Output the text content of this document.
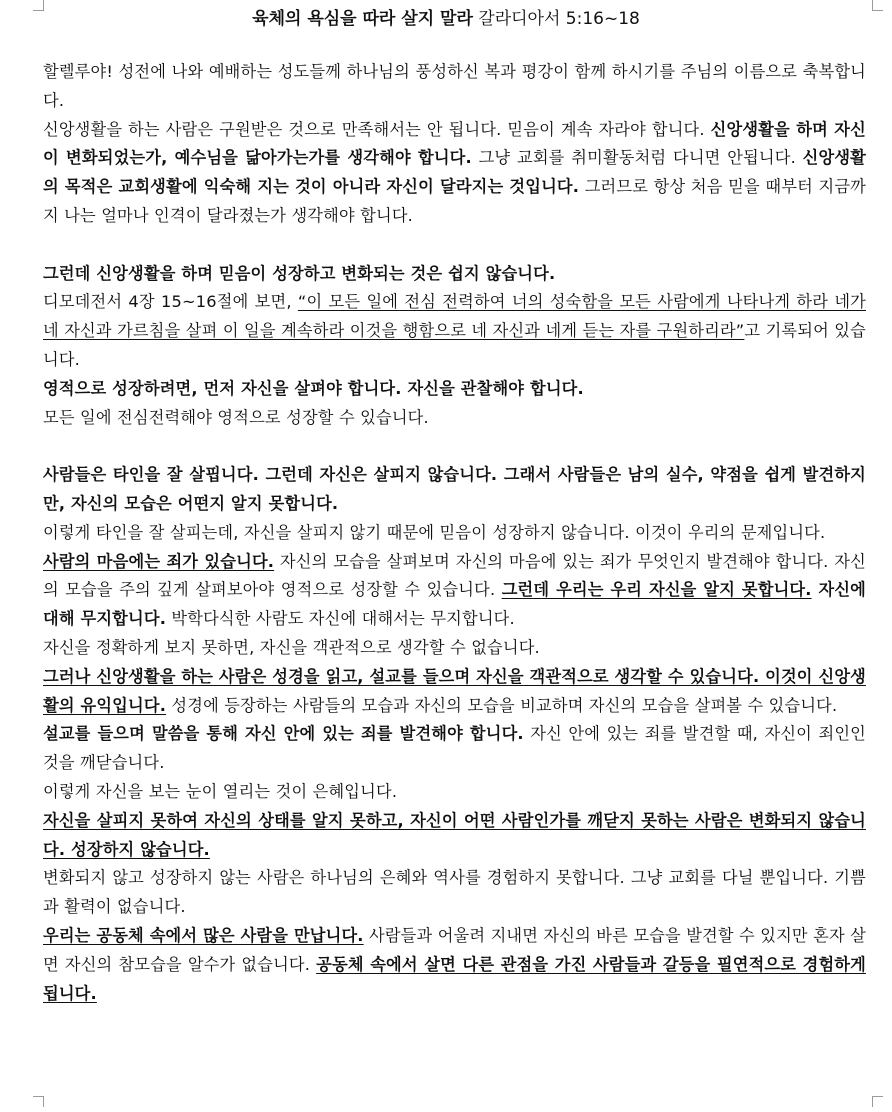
육체의 욕심을 따라 살지 말라 갈라디아서 5:16~18

할렐루야! 성전에 나와 예배하는 성도들께 하나님의 풍성하신 복과 평강이 함께 하시기를 주님의 이름으로 축복합니다.

신앙생활을 하는 사람은 구원받은 것으로 만족해서는 안 됩니다. 믿음이 계속 자라야 합니다. 신앙생활을 하며 자신이 변화되었는가, 예수님을 닮아가는가를 생각해야 합니다. 그냥 교회를 취미활동처럼 다니면 안됩니다. 신앙생활의 목적은 교회생활에 익숙해 지는 것이 아니라 자신이 달라지는 것입니다. 그러므로 항상 처음 믿을 때부터 지금까지 나는 얼마나 인격이 달라졌는가 생각해야 합니다.

그런데 신앙생활을 하며 믿음이 성장하고 변화되는 것은 쉽지 않습니다.

디모데전서 4장 15~16절에 보면, “이 모든 일에 전심 전력하여 너의 성숙함을 모든 사람에게 나타나게 하라 네가 네 자신과 가르침을 살펴 이 일을 계속하라 이것을 행함으로 네 자신과 네게 듣는 자를 구원하리라”고 기록되어 있습니다.

영적으로 성장하려면, 먼저 자신을 살펴야 합니다. 자신을 관찰해야 합니다.

모든 일에 전심전력해야 영적으로 성장할 수 있습니다.

사람들은 타인을 잘 살핍니다. 그런데 자신은 살피지 않습니다. 그래서 사람들은 남의 실수, 약점을 쉽게 발견하지만, 자신의 모습은 어떤지 알지 못합니다.

이렇게 타인을 잘 살피는데, 자신을 살피지 않기 때문에 믿음이 성장하지 않습니다. 이것이 우리의 문제입니다.

사람의 마음에는 죄가 있습니다. 자신의 모습을 살펴보며 자신의 마음에 있는 죄가 무엇인지 발견해야 합니다. 자신의 모습을 주의 깊게 살펴보아야 영적으로 성장할 수 있습니다. 그런데 우리는 우리 자신을 알지 못합니다. 자신에 대해 무지합니다. 박학다식한 사람도 자신에 대해서는 무지합니다.

자신을 정확하게 보지 못하면, 자신을 객관적으로 생각할 수 없습니다.

그러나 신앙생활을 하는 사람은 성경을 읽고, 설교를 들으며 자신을 객관적으로 생각할 수 있습니다. 이것이 신앙생활의 유익입니다. 성경에 등장하는 사람들의 모습과 자신의 모습을 비교하며 자신의 모습을 살펴볼 수 있습니다.

설교를 들으며 말씀을 통해 자신 안에 있는 죄를 발견해야 합니다. 자신 안에 있는 죄를 발견할 때, 자신이 죄인인 것을 깨닫습니다.

이렇게 자신을 보는 눈이 열리는 것이 은혜입니다.

자신을 살피지 못하여 자신의 상태를 알지 못하고, 자신이 어떤 사람인가를 깨닫지 못하는 사람은 변화되지 않습니다. 성장하지 않습니다.

변화되지 않고 성장하지 않는 사람은 하나님의 은혜와 역사를 경험하지 못합니다. 그냥 교회를 다닐 뿐입니다. 기쁨과 활력이 없습니다.

우리는 공동체 속에서 많은 사람을 만납니다. 사람들과 어울려 지내면 자신의 바른 모습을 발견할 수 있지만 혼자 살면 자신의 참모습을 알수가 없습니다. 공동체 속에서 살면 다른 관점을 가진 사람들과 갈등을 필연적으로 경험하게 됩니다.
